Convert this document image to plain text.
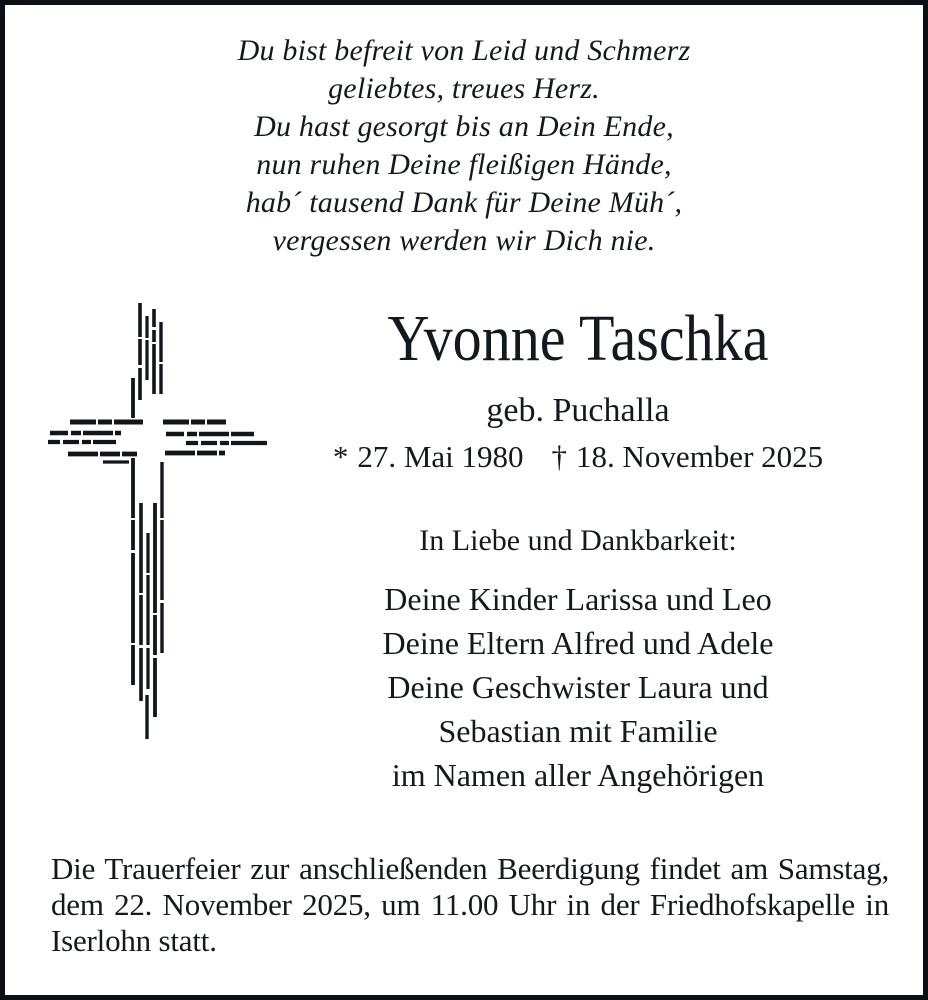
Du bist befreit von Leid und Schmerz
geliebtes, treues Herz.
Du hast gesorgt bis an Dein Ende,
nun ruhen Deine fleißigen Hände,
hab´ tausend Dank für Deine Müh´,
vergessen werden wir Dich nie.
Yvonne Taschka
geb. Puchalla
* 27. Mai 1980 † 18. November 2025
In Liebe und Dankbarkeit:
Deine Kinder Larissa und Leo
Deine Eltern Alfred und Adele
Deine Geschwister Laura und
Sebastian mit Familie
im Namen aller Angehörigen
Die Trauerfeier zur anschließenden Beerdigung findet am Samstag, dem 22. November 2025, um 11.00 Uhr in der Friedhofskapelle in Iserlohn statt.
